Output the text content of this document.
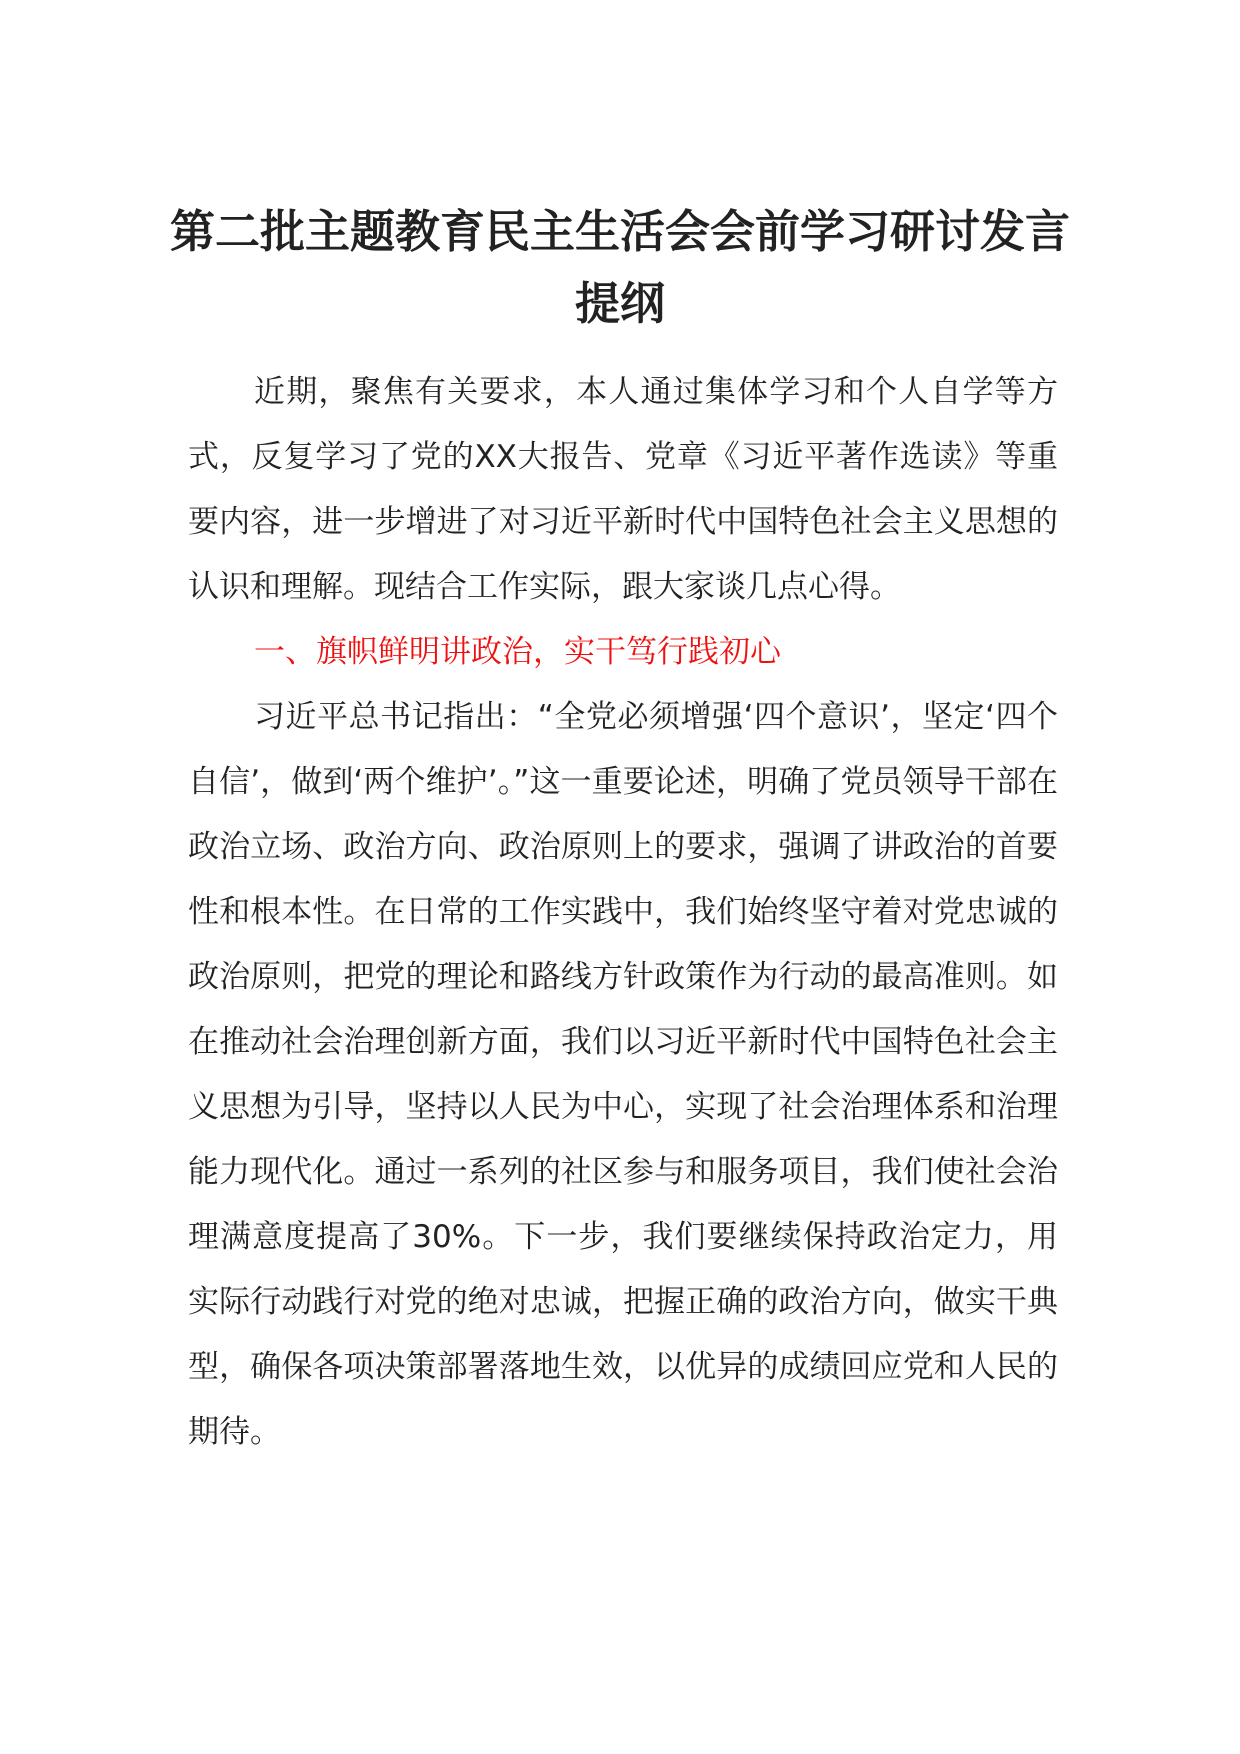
第二批主题教育民主生活会会前学习研讨发言提纲

近期，聚焦有关要求，本人通过集体学习和个人自学等方式，反复学习了党的XX大报告、党章《习近平著作选读》等重要内容，进一步增进了对习近平新时代中国特色社会主义思想的认识和理解。现结合工作实际，跟大家谈几点心得。

一、旗帜鲜明讲政治，实干笃行践初心

习近平总书记指出：“全党必须增强‘四个意识’，坚定‘四个自信’，做到‘两个维护’。”这一重要论述，明确了党员领导干部在政治立场、政治方向、政治原则上的要求，强调了讲政治的首要性和根本性。在日常的工作实践中，我们始终坚守着对党忠诚的政治原则，把党的理论和路线方针政策作为行动的最高准则。如在推动社会治理创新方面，我们以习近平新时代中国特色社会主义思想为引导，坚持以人民为中心，实现了社会治理体系和治理能力现代化。通过一系列的社区参与和服务项目，我们使社会治理满意度提高了30%。下一步，我们要继续保持政治定力，用实际行动践行对党的绝对忠诚，把握正确的政治方向，做实干典型，确保各项决策部署落地生效，以优异的成绩回应党和人民的期待。
